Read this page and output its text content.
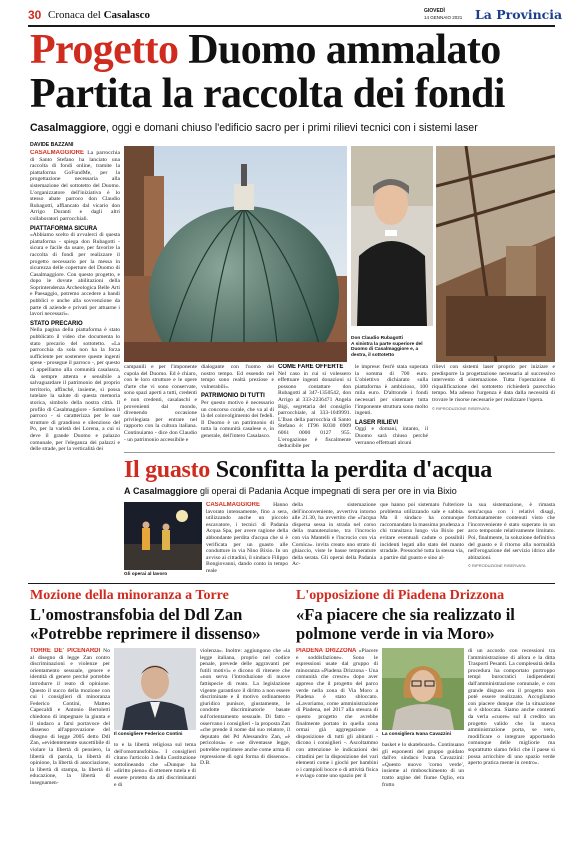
30 Cronaca del Casalasco	GIOVEDÌ
14 GENNAIO 2021 La Provincia
Progetto Duomo ammalato
Partita la raccolta dei fondi
Casalmaggiore, oggi e domani chiuso l'edificio sacro per i primi rilievi tecnici con i sistemi laser
DAVIDE BAZZANI
CASALMAGGIORE La parrocchia di Santo Stefano ha lanciato una raccolta di fondi online, tramite la piattaforma GoFundMe, per la progettazione necessaria alla sistemazione del sottotetto del Duomo. L'organizzatore dell'iniziativa è lo stesso abate parroco don Claudio Rubagotti, affiancato dal vicario don Arrigo Duranti e dagli altri collaboratori parrocchiali.
PIATTAFORMA SICURA
«Abbiamo scelto di avvalerci di questa piattaforma - spiega don Rubagotti - sicura e facile da usare, per favorire la raccolta di fondi per realizzare il progetto necessario per la messa in sicurezza delle coperture del Duomo di Casalmaggiore. Con questo progetto, e dopo le dovute abilitazioni della Soprintendenza Archeologica Belle Arti e Paesaggio, potremo accedere a bandi pubblici e anche alla sovvenzione da parte di aziende e privati per attuarne i lavori necessari».
STATO PRECARIO
Nella pagina della piattaforma è stato pubblicato il video che documenta lo stato precario del sottotetto. «La parrocchia da sola non ha la forza sufficiente per sostenere queste ingenti spese - prosegue il parroco -, per questo ci appelliamo alla comunità casalasca, da sempre attenta e sensibile a salvaguardare il patrimonio del proprio territorio, affinché, insieme, si possa tutelare la salute di questa memoria storica, simbolo della nostra città. Il profilo di Casalmaggiore - Sottolinea il parroco - si caratterizza per le sue strutture di grandioso e silenzioso del Po, per la varietà dei Lorena, a cui si deve il grande Duomo e palazzo comunale, per l'eleganza dei palazzi e delle strade, per la verticalità dei

Don Claudio Rubagotti
A sinistra la parte superiore del Duomo di Casalmaggiore e, a destra, il sottotetto

campanili e per l'imponente cupola del Duomo. Ed è chiaro, con le loro strutture e le opere d'arte che vi sono conservate, sono spazi aperti a tutti, credenti e non credenti, casalaschi e provenienti dal mondo, divenendo occasione privilegiata per entrare nel rapporto con la cultura italiana. Continuiamo - dice don Claudio - un patrimonio accessibile e
dialogante con l'uomo del nostro tempo. Ed essendo nel tempo sono realtà preziose e vulnerabili».
PATRIMONIO DI TUTTI
Per questo motivo è necessario un concorso corale, che va al di là del coinvolgimento dei fedeli. Il Duomo è un patrimonio di tutta la comunità casalese e, in generale, dell'intero Casalasco.
COME FARE OFFERTE
Nel caso in cui si volessero effettuare ingenti donazioni si possono contattare don Rubagotti al 347-1350542, don Arrigo al 333-2236471 Angela Bigi, segretaria del consiglio parrocchiale, al 333-1049991. L'Iban della parrocchia di Santo Stefano è: IT96 K030 6909 6061 0000 0127 955. L'erogazione è fiscalmente deducibile per
le imprese: fest'è stata superata la somma di 700 euro. L'obiettivo dichiarato sulla piattaforma è ambizioso, 100 mila euro. D'altronde i fondi necessari per sistemare tutta l'imponente struttura sono molto ingenti.
LASER RILIEVI
Oggi e domani, intanto, il Duomo sarà chiuso perché verranno effettuati alcuni
rilievi con sistemi laser proprio per iniziare e predisporre la progettazione necessaria al successivo intervento di sistemazione. Tutta l'operazione di riqualificazione del sottotetto richiederà parecchio tempo. Ma adesso l'urgenza è data dalla necessità di trovare le risorse necessarie per realizzare l'opera.
© RIPRODUZIONE RISERVATA
Il guasto Sconfitta la perdita d'acqua
A Casalmaggiore gli operai di Padania Acque impegnati di sera per ore in via Bixio
Gli operai al lavoro
CASALMAGGIORE Hanno lavorato intensamente, fino a sera, utilizzando anche un piccolo escavatore, i tecnici di Padania Acqua Spa, per avere ragione della abbondante perdita d'acqua che si è verificata per un guasto alle condutture in via Nino Bixio. In un avviso ai cittadini, il sindaco Filippo Bongiovanni, dando conto in tempo reale
della sistemazione dell'inconveniente, avvertiva intorno alle 21.30, ha avvertito che «l'acqua dispersa sessa in strada nel corso della manutenzione, tra l'incrocio con via Mantelli e l'incrocio con via Cornica». invita creato uno strato di ghiaccio, viste le basse temperature della serata. Gli operai della Padania Ac-
que hanno poi sistemato l'ulteriore problema utilizzando sale e sabbia. Ma il sindaco ha comunque raccomandato la massima prudenza a chi transitava lungo via Bixio per evitare eventuali cadute o possibili incidenti legati allo stato del manto stradale. Pressoché tutta la stessa via, a partire dal guasto e sino al-
la sua sistemazione, è rimasta senz'acqua con i relativi disagi, fortunatamente contenuti visto che l'inconveniente è stato superato in un arco temporale relativamente limitato. Poi, finalmente, la soluzione definitiva del guasto e il ritorno alla normalità nell'erogazione del servizio idrico alle abitazioni.
© RIPRODUZIONE RISERVATA
Mozione della minoranza a Torre
L'omostransfobia del Ddl Zan «Potrebbe reprimere il dissenso»
TORRE DE' PICENARDI No al disegno di legge Zan contro discriminazioni e violenze per orientamento sessuale, genere e identità di genere perché potrebbe introdurre il reato di opinione. Questo il succo della mozione con cui i consiglieri di minoranza Federico Contini, Matteo Capecaldi e Antonio Bertoletti chiedono di impegnare la giunta e il sindaco a farsi portavoce del dissenso all'approvazione del disegno di legge 2005 detto Ddl Zan, «evidentemente suscettibile di violare la libertà di pensiero, la libertà di parola, la libertà di opinione, la libertà di associazione, la libertà di stampa, la libertà di educazione, la libertà di insegnamen-
Il consigliere Federico Contini
to e la libertà religiosa sul tema dell'omotransfobia». I consiglieri citano l'articolo 3 della Costituzione sottolineando che «Dunque ha «diritto pieno» di ottenere tutela e di essere protetto da atti discriminanti e di
violenza». Inoltre: aggiungono che «la legge italiana, proprio nel codice penale, prevede delle aggravanti per futili motivi» e dicono di ritenere che «non serva l'introduzione di nuove fattispecie di reato. La legislazione vigente garantisce il diritto a non essere discriminate e il motivo ordinamento giuridico punisce, giustamente, le condotte discriminatorie basate sull'orientamento sessuale. Di fatto - osservano i consiglieri - la proposta Zan «che prende il nome dal suo relatore, il deputato del Pd Alessandro Zan, «è pericolosa» e «se diventasse legge, potrebbe reprimere anche come arma di repressione di ogni forma di dissenso». D.B.
L'opposizione di Piadena Drizzona
«Fa piacere che sia realizzato il polmone verde in via Moro»
PIADENA DRIZZONA «Piacere e soddisfazione». Sono le espressioni usate dal gruppo di minoranza «Piadena Drizzona - Una comunità che cresce» dopo aver appreso che il progetto del parco verde nella zona di Via Moro a Piadena è stato sbloccato. «Lavoriamo, come amministrazione di Piadena, nel 2017 alla stesura di questo progetto che avrebbe finalmente portato in quella zona ormai già aggregazione a disposizione di tutti gli abitanti - dicono i consiglieri -. Ascoltammo con attenzione le indicazioni dei cittadini per la disposizione dei vari elementi come i giochi per bambini o i campioli bocce o di attività fisica e sviago come uno spazio per il
La consigliera Ivana Cavazzini
basket e lo skateboard». Continuano gli esponenti del gruppo guidato dall'ex sindaco Ivana Cavazzini: «Questo nuovo 'corno verde', insieme al rimboschimento di un tratto argine del fiume Oglio, era frutto
di un accordo con recessioni tra l'amministrazione di allora e la ditta Trasporti Pesanti. La complessità della procedura ha comportato purtroppo tempi burocratici indipendenti dall'amministrazione comunale, e con grande disguso era il progetto non potè essere realizzato. Accogliamo con piacere dunque che la situazione si è sbloccata. Siamo anche contenti da verla «cuore» sul il credito un progetto valido che la nuova amministrazione porta, se vero, modificare o integrare apportando comunque delle migliorie ma soprattutto siamo felici che il paese si possa arricchire di uno spazio verde aperto pratica mente in centro».
